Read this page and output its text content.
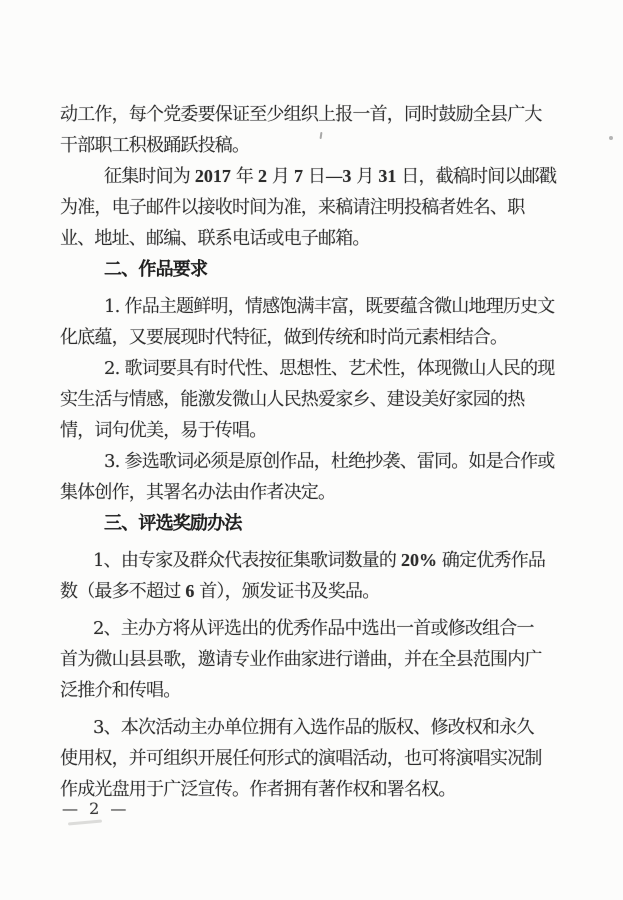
动工作，每个党委要保证至少组织上报一首，同时鼓励全县广大
干部职工积极踊跃投稿。
征集时间为 2017 年 2 月 7 日—3 月 31 日，截稿时间以邮戳
为准，电子邮件以接收时间为准，来稿请注明投稿者姓名、职
业、地址、邮编、联系电话或电子邮箱。
二、作品要求
1. 作品主题鲜明，情感饱满丰富，既要蕴含微山地理历史文
化底蕴，又要展现时代特征，做到传统和时尚元素相结合。
2. 歌词要具有时代性、思想性、艺术性，体现微山人民的现
实生活与情感，能激发微山人民热爱家乡、建设美好家园的热
情，词句优美，易于传唱。
3. 参选歌词必须是原创作品，杜绝抄袭、雷同。如是合作或
集体创作，其署名办法由作者决定。
三、评选奖励办法
1、由专家及群众代表按征集歌词数量的 20% 确定优秀作品
数（最多不超过 6 首），颁发证书及奖品。
2、主办方将从评选出的优秀作品中选出一首或修改组合一
首为微山县县歌，邀请专业作曲家进行谱曲，并在全县范围内广
泛推介和传唱。
3、本次活动主办单位拥有入选作品的版权、修改权和永久
使用权，并可组织开展任何形式的演唱活动，也可将演唱实况制
作成光盘用于广泛宣传。作者拥有著作权和署名权。
— 2 —
